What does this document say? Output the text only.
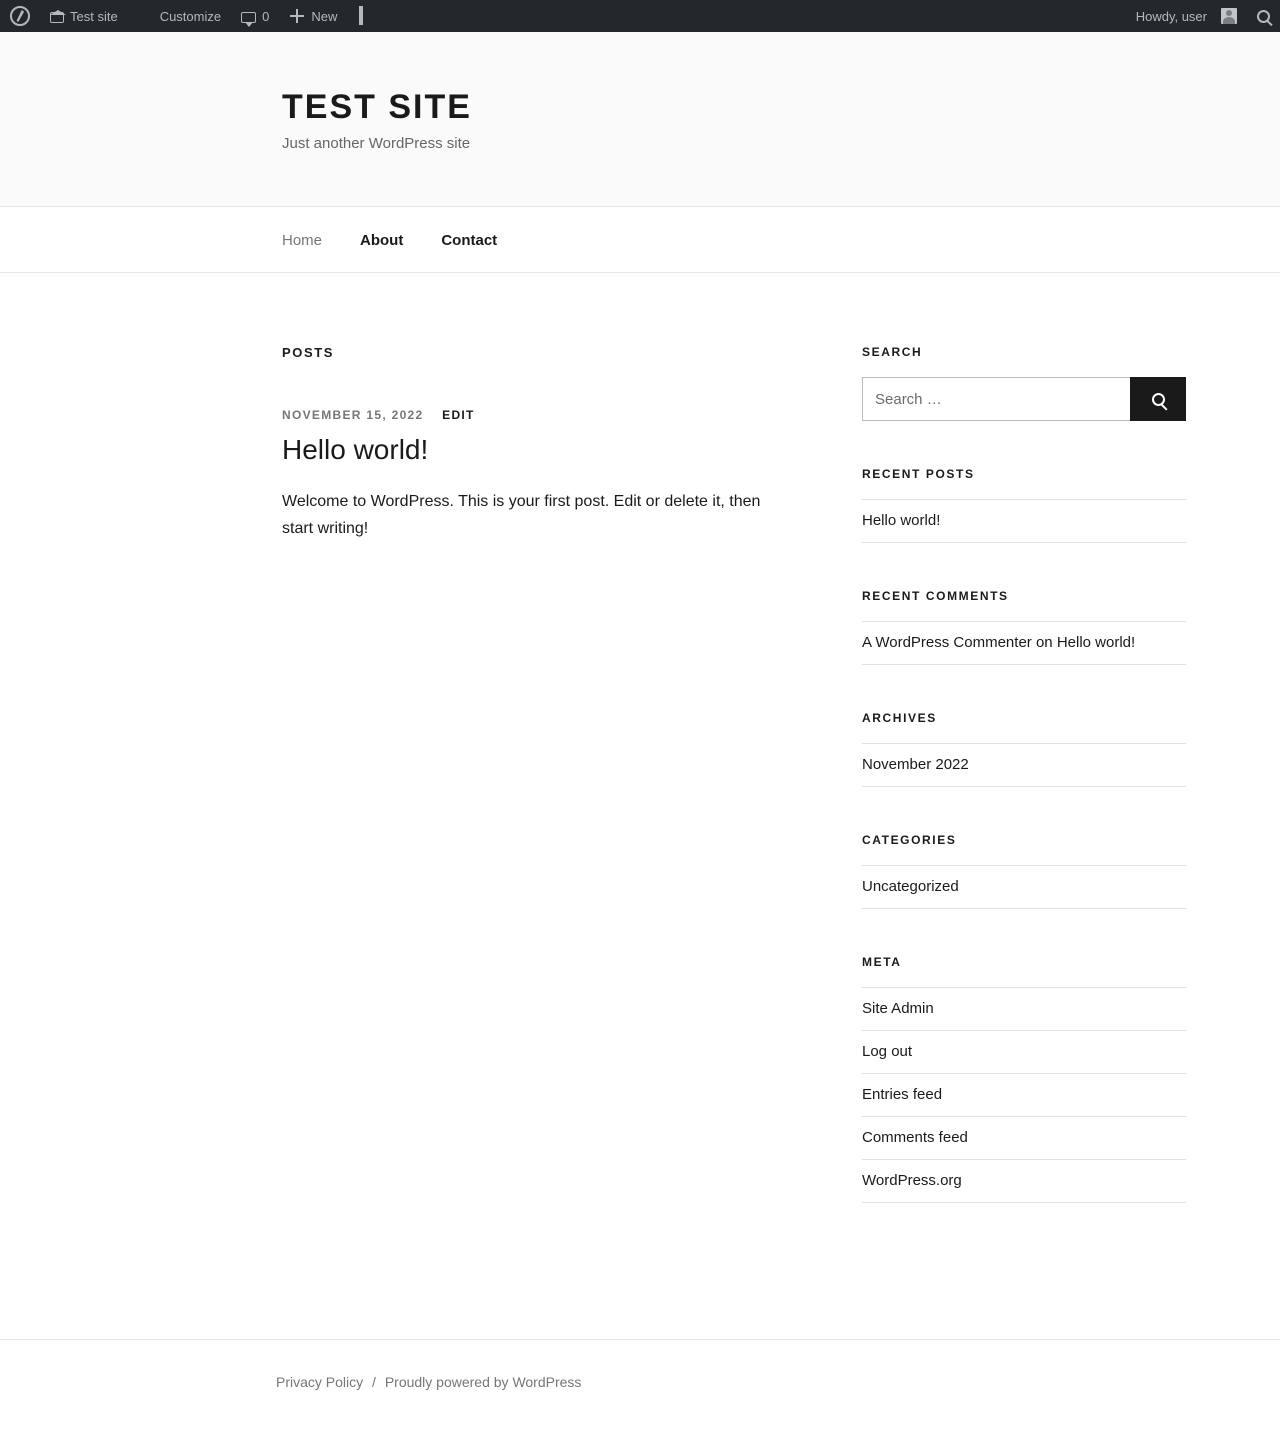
Test site	Customize	0	New	Howdy, user
TEST SITE

Just another WordPress site

Home	About	Contact
POSTS
NOVEMBER 15, 2022 EDIT
Hello world!

Welcome to WordPress. This is your first post. Edit or delete it, then start writing!

SEARCH
Search …
RECENT POSTS
Hello world!
RECENT COMMENTS
A WordPress Commenter on Hello world!
ARCHIVES
November 2022
CATEGORIES
Uncategorized
META
Site Admin
Log out
Entries feed
Comments feed
WordPress.org
Privacy Policy / Proudly powered by WordPress
